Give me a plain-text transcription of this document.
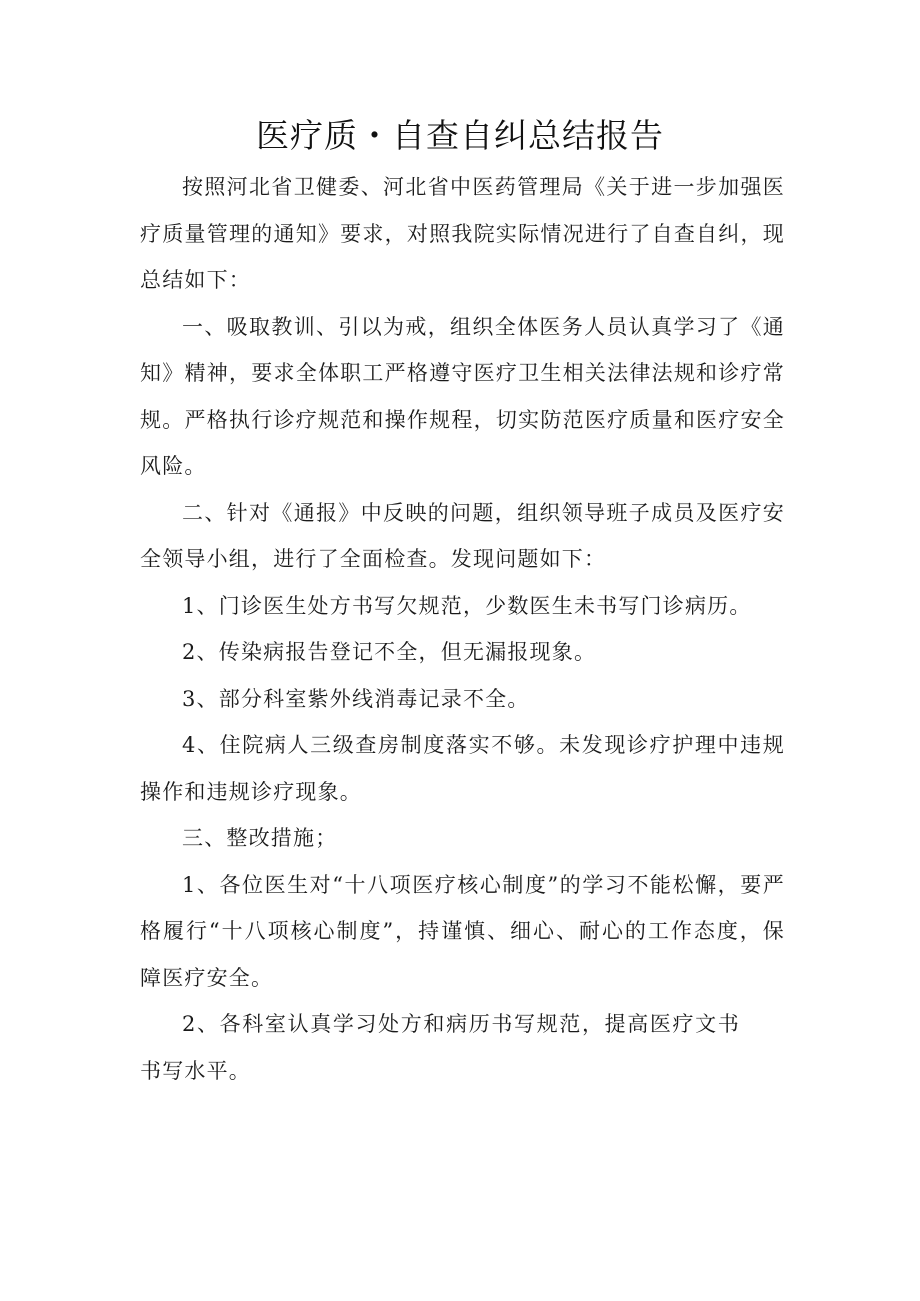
医疗质・自查自纠总结报告

按照河北省卫健委、河北省中医药管理局《关于进一步加强医疗质量管理的通知》要求，对照我院实际情况进行了自查自纠，现总结如下：

一、吸取教训、引以为戒，组织全体医务人员认真学习了《通知》精神，要求全体职工严格遵守医疗卫生相关法律法规和诊疗常规。严格执行诊疗规范和操作规程，切实防范医疗质量和医疗安全风险。

二、针对《通报》中反映的问题，组织领导班子成员及医疗安全领导小组，进行了全面检查。发现问题如下：

1、门诊医生处方书写欠规范，少数医生未书写门诊病历。

2、传染病报告登记不全，但无漏报现象。

3、部分科室紫外线消毒记录不全。

4、住院病人三级查房制度落实不够。未发现诊疗护理中违规操作和违规诊疗现象。

三、整改措施；

1、各位医生对“十八项医疗核心制度”的学习不能松懈，要严格履行“十八项核心制度”，持谨慎、细心、耐心的工作态度，保障医疗安全。

2、各科室认真学习处方和病历书写规范，提高医疗文书书写水平。
